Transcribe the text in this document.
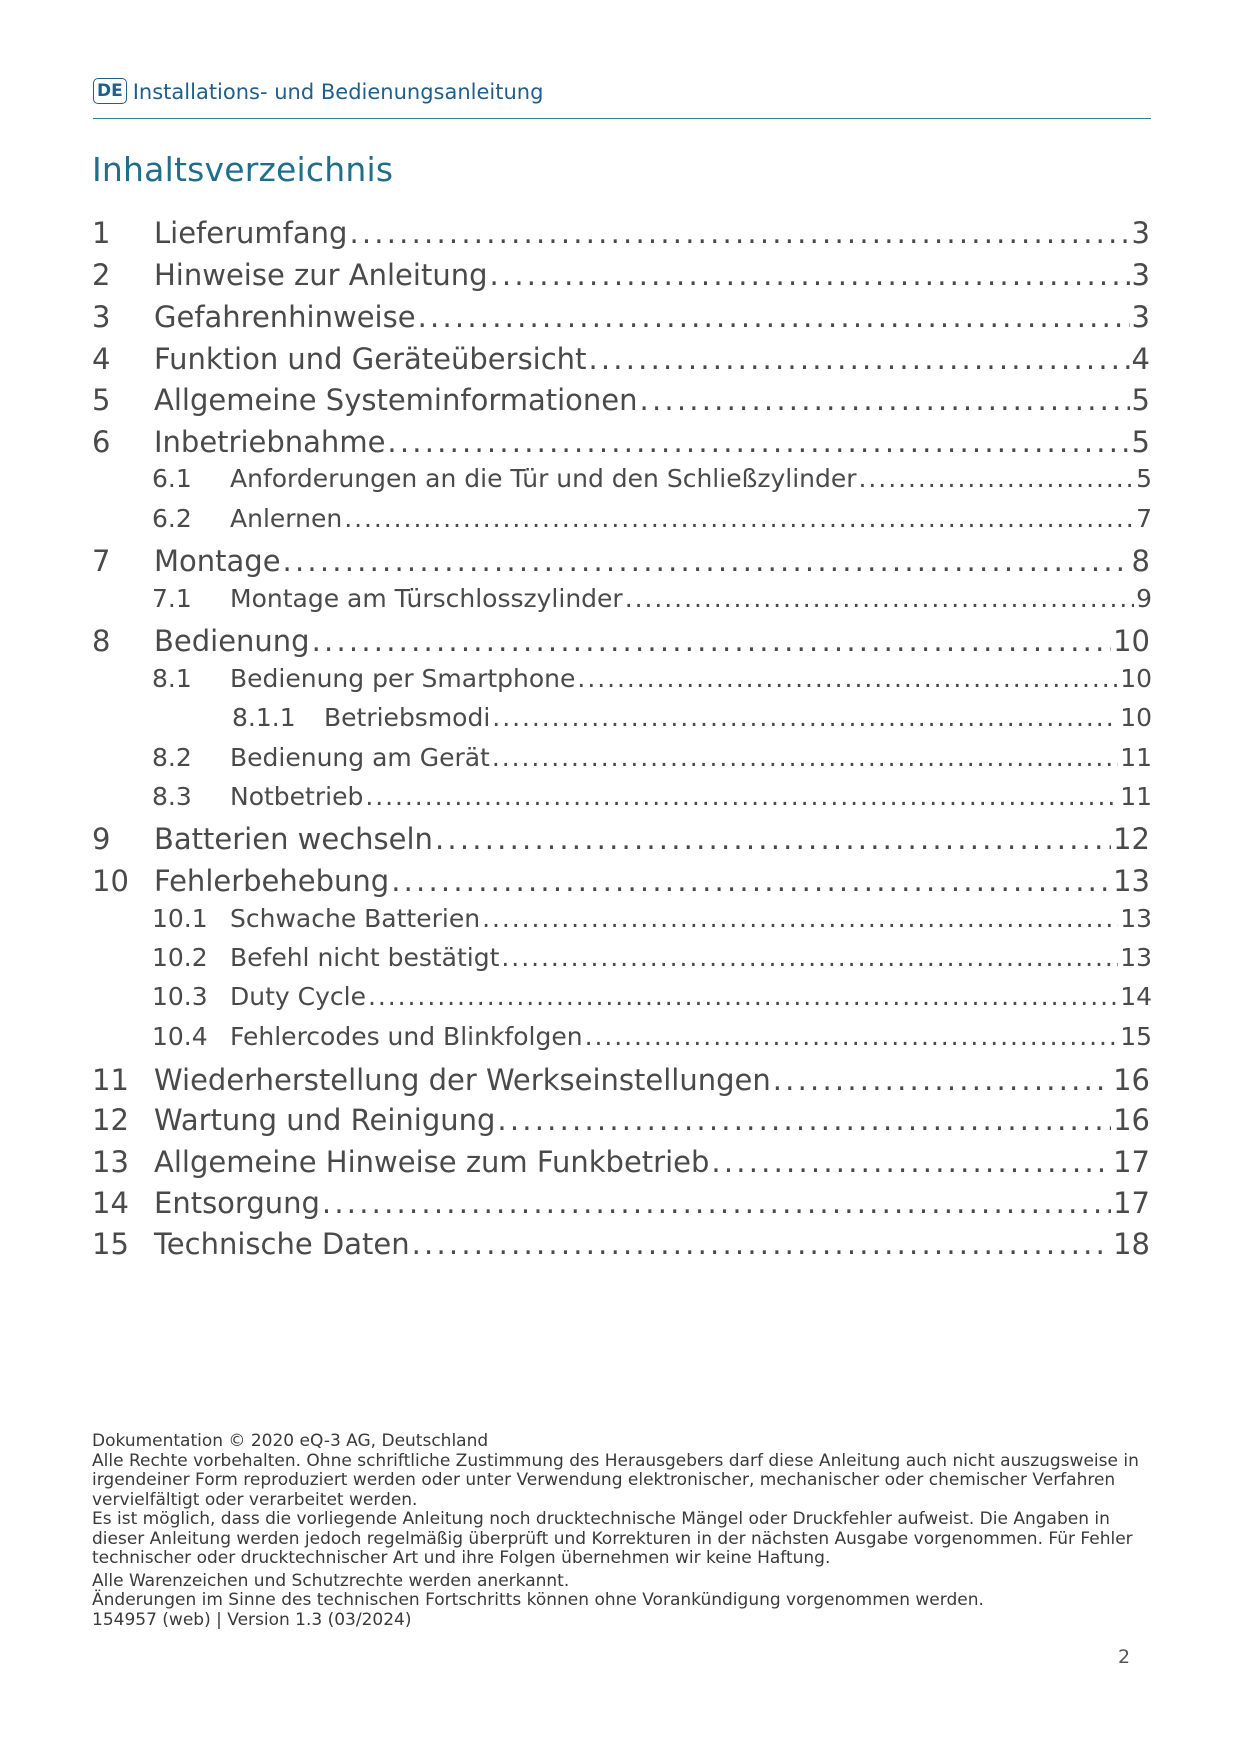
DE Installations- und Bedienungsanleitung
Inhaltsverzeichnis
1	Lieferumfang . . .	3
2	Hinweise zur Anleitung . . .	3
3	Gefahrenhinweise . . .	3
4	Funktion und Geräteübersicht . . .	4
5	Allgemeine Systeminformationen . . .	5
6	Inbetriebnahme . . .	5
6.1	Anforderungen an die Tür und den Schließzylinder . . .	5
6.2	Anlernen . . .	7
7	Montage . . .	8
7.1	Montage am Türschlosszylinder . . .	9
8	Bedienung . . .	10
8.1	Bedienung per Smartphone . . .	10
8.1.1	Betriebsmodi . . .	10
8.2	Bedienung am Gerät . . .	11
8.3	Notbetrieb . . .	11
9	Batterien wechseln . . .	12
10 Fehlerbehebung . . .	13
10.1 Schwache Batterien . . .	13
10.2 Befehl nicht bestätigt . . .	13
10.3 Duty Cycle . . .	14
10.4 Fehlercodes und Blinkfolgen . . .	15
11 Wiederherstellung der Werkseinstellungen . . .	16
12 Wartung und Reinigung . . .	16
13 Allgemeine Hinweise zum Funkbetrieb . . .	17
14 Entsorgung . . .	17
15 Technische Daten . . .	18

Dokumentation © 2020 eQ-3 AG, Deutschland

Alle Rechte vorbehalten. Ohne schriftliche Zustimmung des Herausgebers darf diese Anleitung auch nicht auszugsweise in irgendeiner Form reproduziert werden oder unter Verwendung elektronischer, mechanischer oder chemischer Verfahren vervielfältigt oder verarbeitet werden.

Es ist möglich, dass die vorliegende Anleitung noch drucktechnische Mängel oder Druckfehler aufweist. Die Angaben in dieser Anleitung werden jedoch regelmäßig überprüft und Korrekturen in der nächsten Ausgabe vorgenommen. Für Fehler technischer oder drucktechnischer Art und ihre Folgen übernehmen wir keine Haftung.

Alle Warenzeichen und Schutzrechte werden anerkannt.

Änderungen im Sinne des technischen Fortschritts können ohne Vorankündigung vorgenommen werden.

154957 (web) | Version 1.3 (03/2024)

2
